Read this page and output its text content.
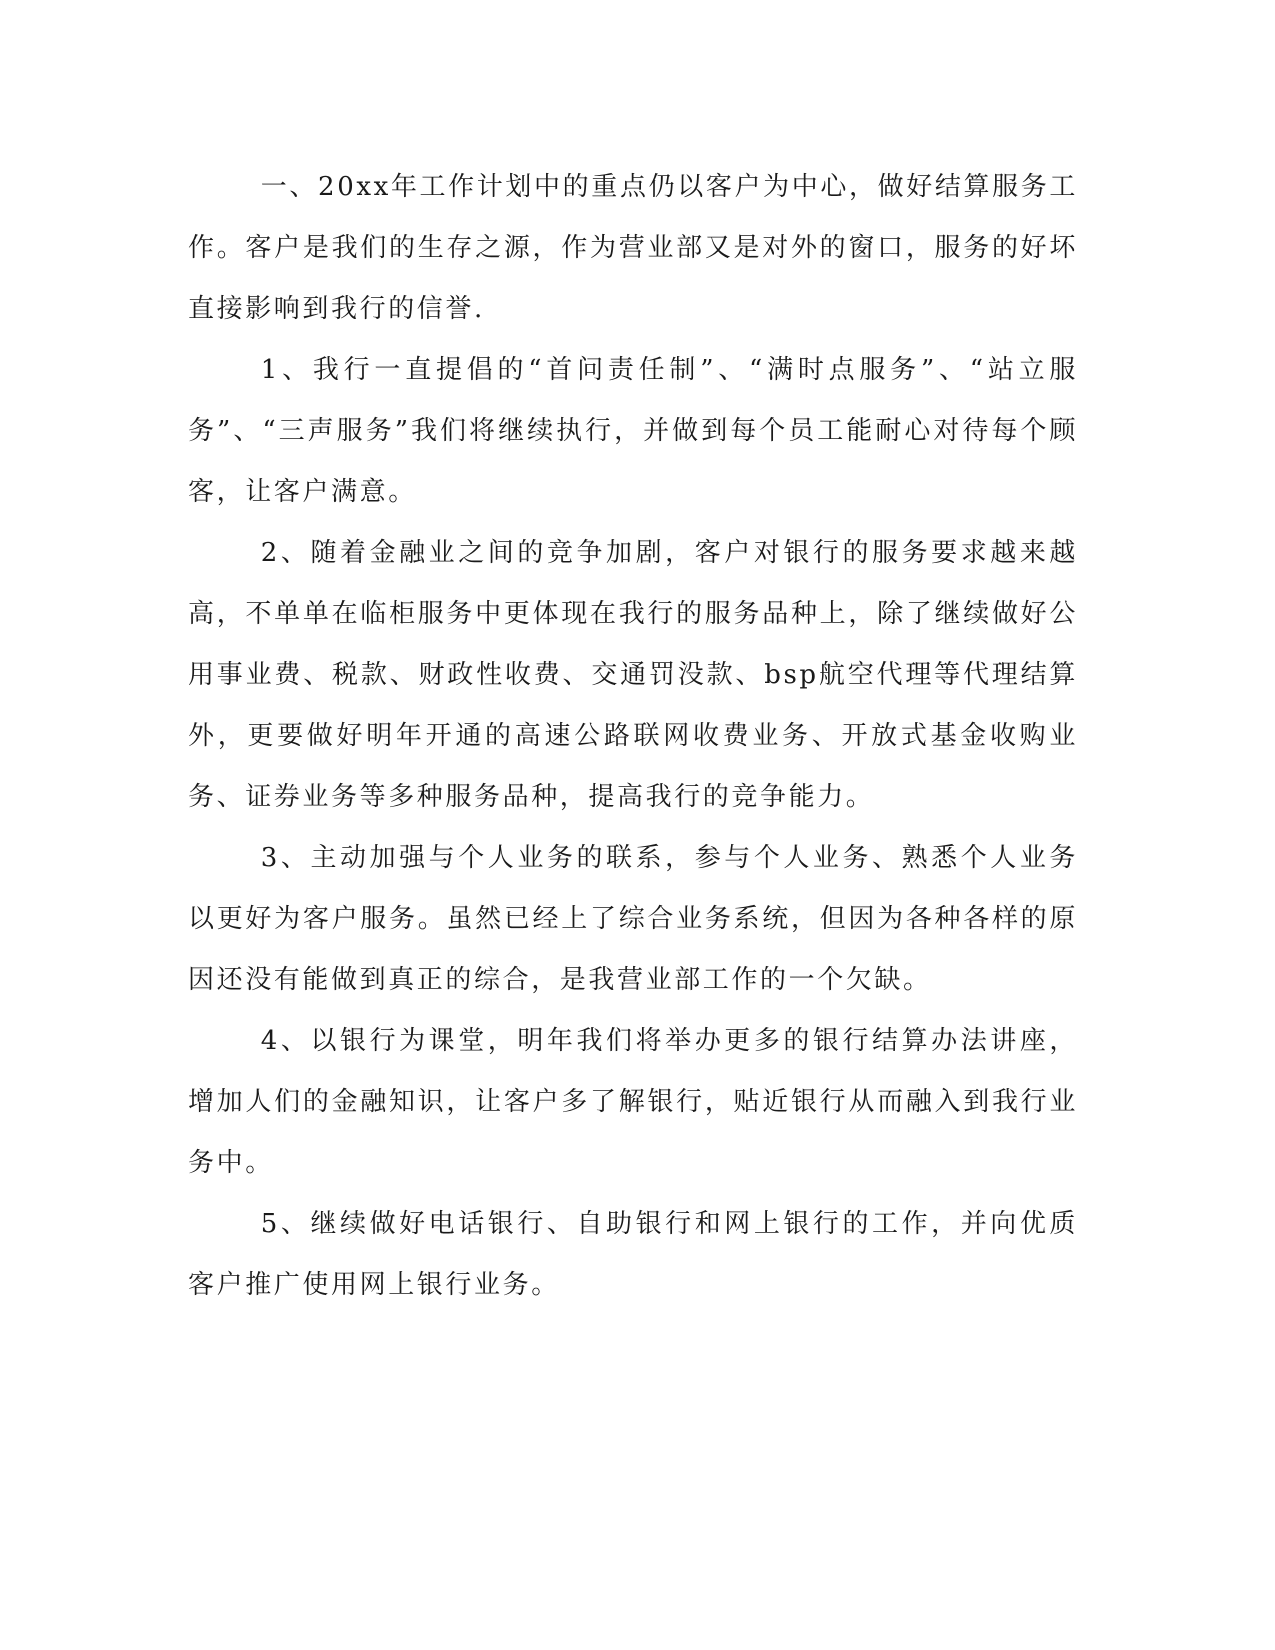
一、20xx年工作计划中的重点仍以客户为中心，做好结算服务工作。客户是我们的生存之源，作为营业部又是对外的窗口，服务的好坏直接影响到我行的信誉.

1、我行一直提倡的“首问责任制”、“满时点服务”、“站立服务”、“三声服务”我们将继续执行，并做到每个员工能耐心对待每个顾客，让客户满意。

2、随着金融业之间的竞争加剧，客户对银行的服务要求越来越高，不单单在临柜服务中更体现在我行的服务品种上，除了继续做好公用事业费、税款、财政性收费、交通罚没款、bsp航空代理等代理结算外，更要做好明年开通的高速公路联网收费业务、开放式基金收购业务、证券业务等多种服务品种，提高我行的竞争能力。

3、主动加强与个人业务的联系，参与个人业务、熟悉个人业务以更好为客户服务。虽然已经上了综合业务系统，但因为各种各样的原因还没有能做到真正的综合，是我营业部工作的一个欠缺。

4、以银行为课堂，明年我们将举办更多的银行结算办法讲座，增加人们的金融知识，让客户多了解银行，贴近银行从而融入到我行业务中。

5、继续做好电话银行、自助银行和网上银行的工作，并向优质客户推广使用网上银行业务。
